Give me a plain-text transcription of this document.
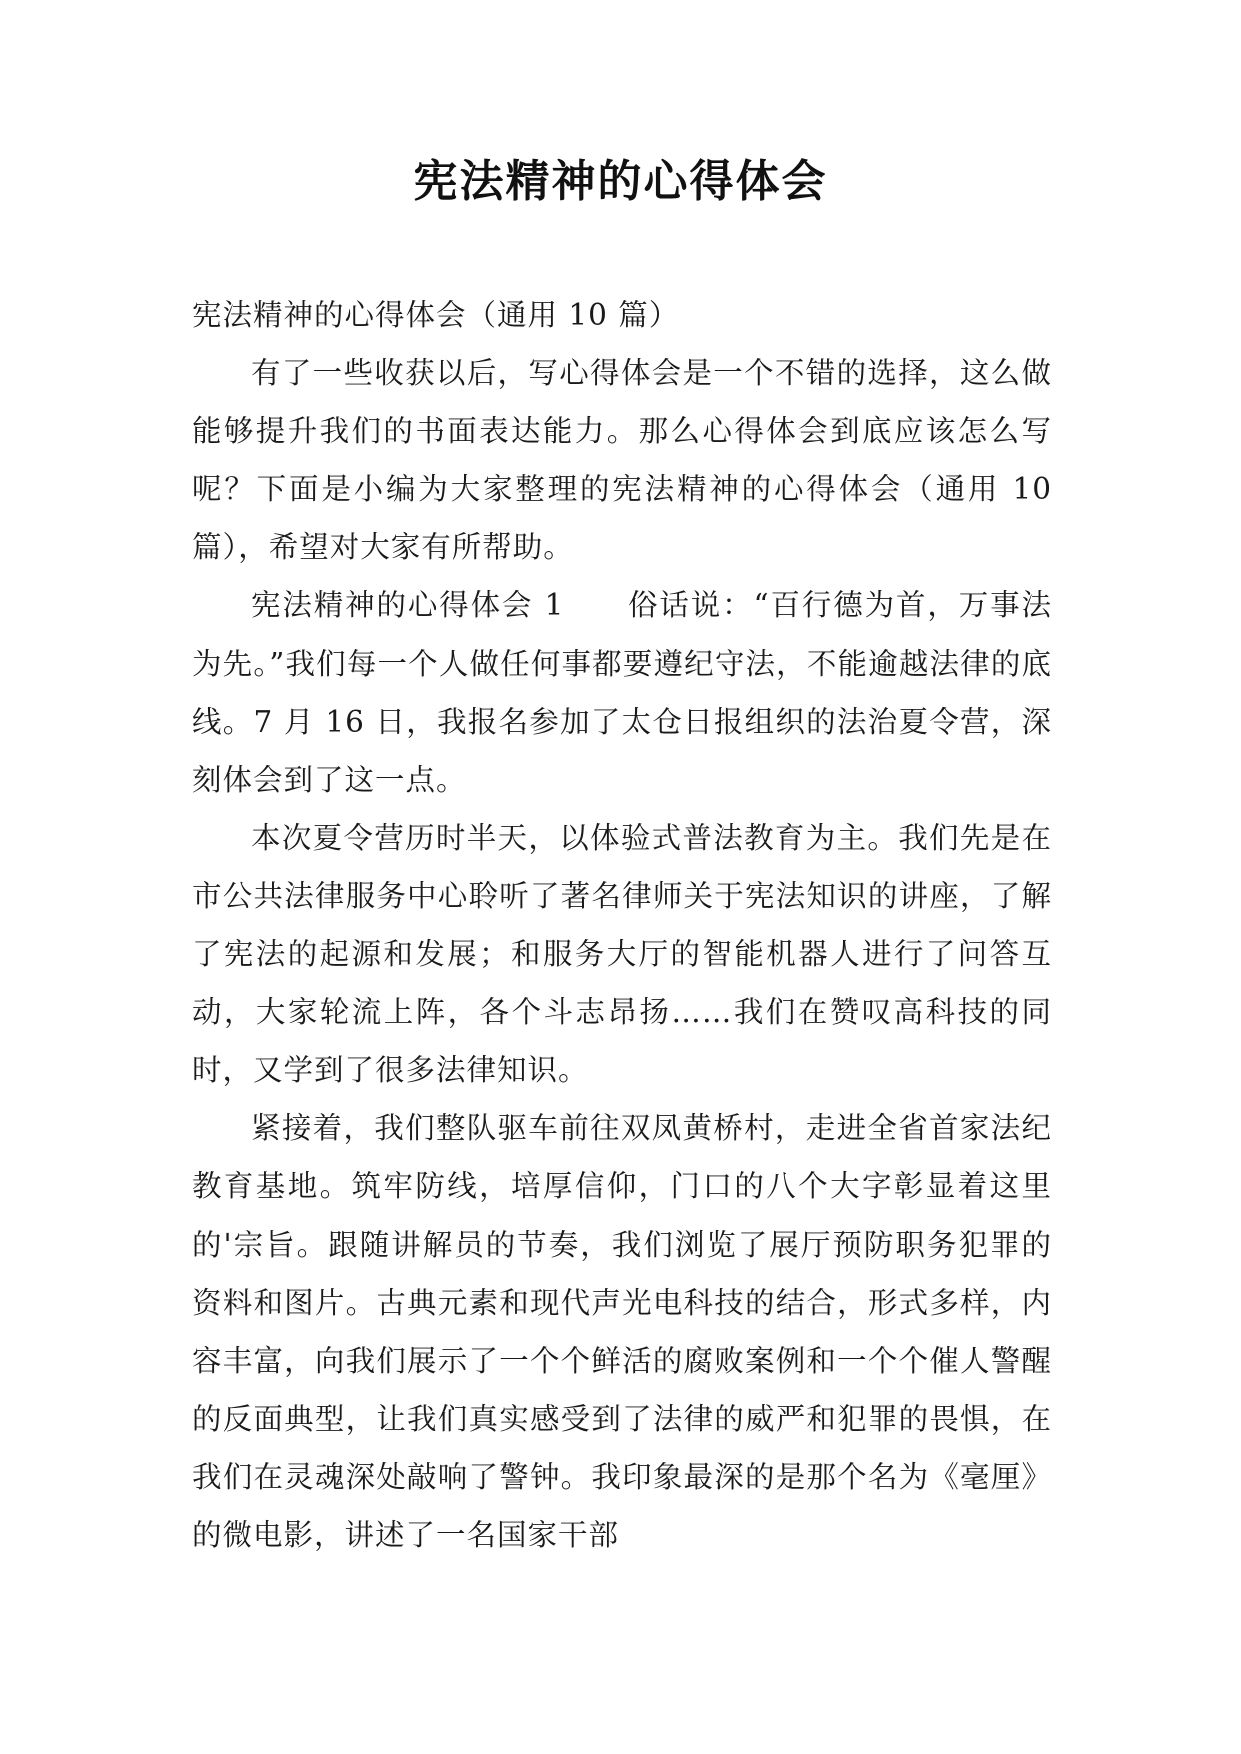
宪法精神的心得体会

宪法精神的心得体会（通用 10 篇）

有了一些收获以后，写心得体会是一个不错的选择，这么做能够提升我们的书面表达能力。那么心得体会到底应该怎么写呢？下面是小编为大家整理的宪法精神的心得体会（通用 10 篇），希望对大家有所帮助。

宪法精神的心得体会 1　　俗话说：“百行德为首，万事法为先。”我们每一个人做任何事都要遵纪守法，不能逾越法律的底线。7 月 16 日，我报名参加了太仓日报组织的法治夏令营，深刻体会到了这一点。

本次夏令营历时半天，以体验式普法教育为主。我们先是在市公共法律服务中心聆听了著名律师关于宪法知识的讲座，了解了宪法的起源和发展；和服务大厅的智能机器人进行了问答互动，大家轮流上阵，各个斗志昂扬……我们在赞叹高科技的同时，又学到了很多法律知识。

紧接着，我们整队驱车前往双凤黄桥村，走进全省首家法纪教育基地。筑牢防线，培厚信仰，门口的八个大字彰显着这里的'宗旨。跟随讲解员的节奏，我们浏览了展厅预防职务犯罪的资料和图片。古典元素和现代声光电科技的结合，形式多样，内容丰富，向我们展示了一个个鲜活的腐败案例和一个个催人警醒的反面典型，让我们真实感受到了法律的威严和犯罪的畏惧，在我们在灵魂深处敲响了警钟。我印象最深的是那个名为《毫厘》的微电影，讲述了一名国家干部
